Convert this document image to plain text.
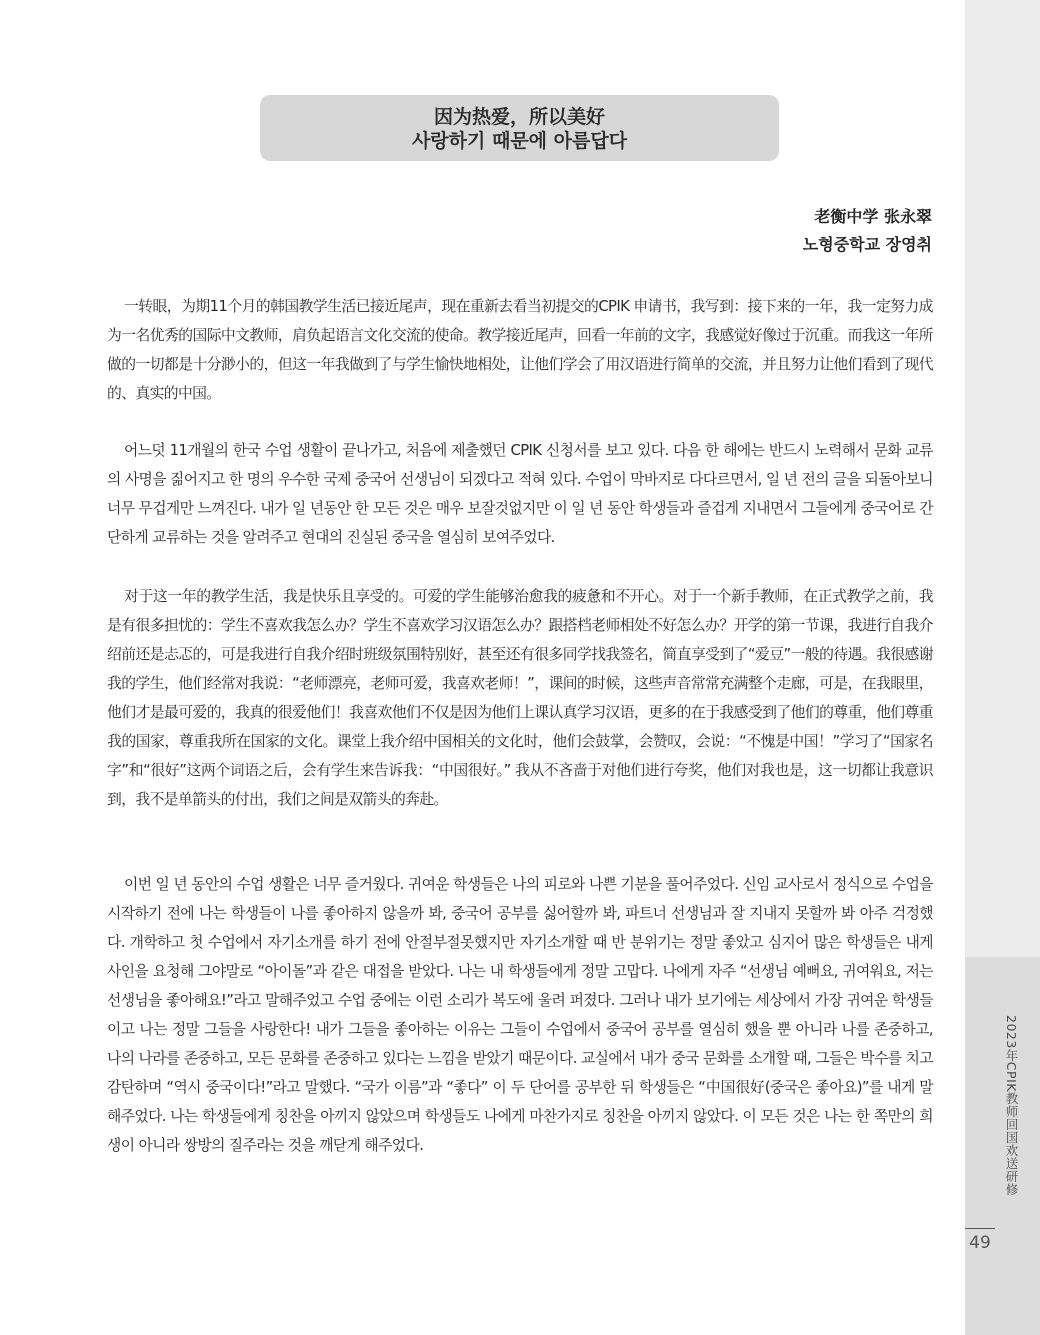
2023年CPIK教师回国欢送研修
49
因为热爱，所以美好
사랑하기 때문에 아름답다
老衡中学 张永翠
노형중학교 장영취

一转眼，为期11个月的韩国教学生活已接近尾声，现在重新去看当初提交的CPIK 申请书，我写到：接下来的一年，我一定努力成为一名优秀的国际中文教师，肩负起语言文化交流的使命。教学接近尾声，回看一年前的文字，我感觉好像过于沉重。而我这一年所做的一切都是十分渺小的，但这一年我做到了与学生愉快地相处，让他们学会了用汉语进行简单的交流，并且努力让他们看到了现代的、真实的中国。

어느덧 11개월의 한국 수업 생활이 끝나가고, 처음에 제출했던 CPIK 신청서를 보고 있다. 다음 한 해에는 반드시 노력해서 문화 교류의 사명을 짊어지고 한 명의 우수한 국제 중국어 선생님이 되겠다고 적혀 있다. 수업이 막바지로 다다르면서, 일 년 전의 글을 되돌아보니 너무 무겁게만 느껴진다. 내가 일 년동안 한 모든 것은 매우 보잘것없지만 이 일 년 동안 학생들과 즐겁게 지내면서 그들에게 중국어로 간단하게 교류하는 것을 알려주고 현대의 진실된 중국을 열심히 보여주었다.

对于这一年的教学生活，我是快乐且享受的。可爱的学生能够治愈我的疲惫和不开心。对于一个新手教师，在正式教学之前，我是有很多担忧的：学生不喜欢我怎么办？学生不喜欢学习汉语怎么办？跟搭档老师相处不好怎么办？开学的第一节课，我进行自我介绍前还是忐忑的，可是我进行自我介绍时班级氛围特别好，甚至还有很多同学找我签名，简直享受到了“爱豆”一般的待遇。我很感谢我的学生，他们经常对我说：“老师漂亮，老师可爱，我喜欢老师！”，课间的时候，这些声音常常充满整个走廊，可是，在我眼里，他们才是最可爱的，我真的很爱他们！我喜欢他们不仅是因为他们上课认真学习汉语，更多的在于我感受到了他们的尊重，他们尊重我的国家，尊重我所在国家的文化。课堂上我介绍中国相关的文化时，他们会鼓掌，会赞叹，会说：“不愧是中国！”学习了“国家名字”和“很好”这两个词语之后，会有学生来告诉我：“中国很好。” 我从不吝啬于对他们进行夸奖，他们对我也是，这一切都让我意识到，我不是单箭头的付出，我们之间是双箭头的奔赴。

이번 일 년 동안의 수업 생활은 너무 즐거웠다. 귀여운 학생들은 나의 피로와 나쁜 기분을 풀어주었다. 신임 교사로서 정식으로 수업을 시작하기 전에 나는 학생들이 나를 좋아하지 않을까 봐, 중국어 공부를 싫어할까 봐, 파트너 선생님과 잘 지내지 못할까 봐 아주 걱정했다. 개학하고 첫 수업에서 자기소개를 하기 전에 안절부절못했지만 자기소개할 때 반 분위기는 정말 좋았고 심지어 많은 학생들은 내게 사인을 요청해 그야말로 “아이돌”과 같은 대접을 받았다. 나는 내 학생들에게 정말 고맙다. 나에게 자주 “선생님 예뻐요, 귀여워요, 저는 선생님을 좋아해요!”라고 말해주었고 수업 중에는 이런 소리가 복도에 울려 퍼졌다. 그러나 내가 보기에는 세상에서 가장 귀여운 학생들이고 나는 정말 그들을 사랑한다! 내가 그들을 좋아하는 이유는 그들이 수업에서 중국어 공부를 열심히 했을 뿐 아니라 나를 존중하고, 나의 나라를 존중하고, 모든 문화를 존중하고 있다는 느낌을 받았기 때문이다. 교실에서 내가 중국 문화를 소개할 때, 그들은 박수를 치고 감탄하며 “역시 중국이다!”라고 말했다. “국가 이름”과 “좋다” 이 두 단어를 공부한 뒤 학생들은 “中国很好(중국은 좋아요)”를 내게 말해주었다. 나는 학생들에게 칭찬을 아끼지 않았으며 학생들도 나에게 마찬가지로 칭찬을 아끼지 않았다. 이 모든 것은 나는 한 쪽만의 희생이 아니라 쌍방의 질주라는 것을 깨닫게 해주었다.
